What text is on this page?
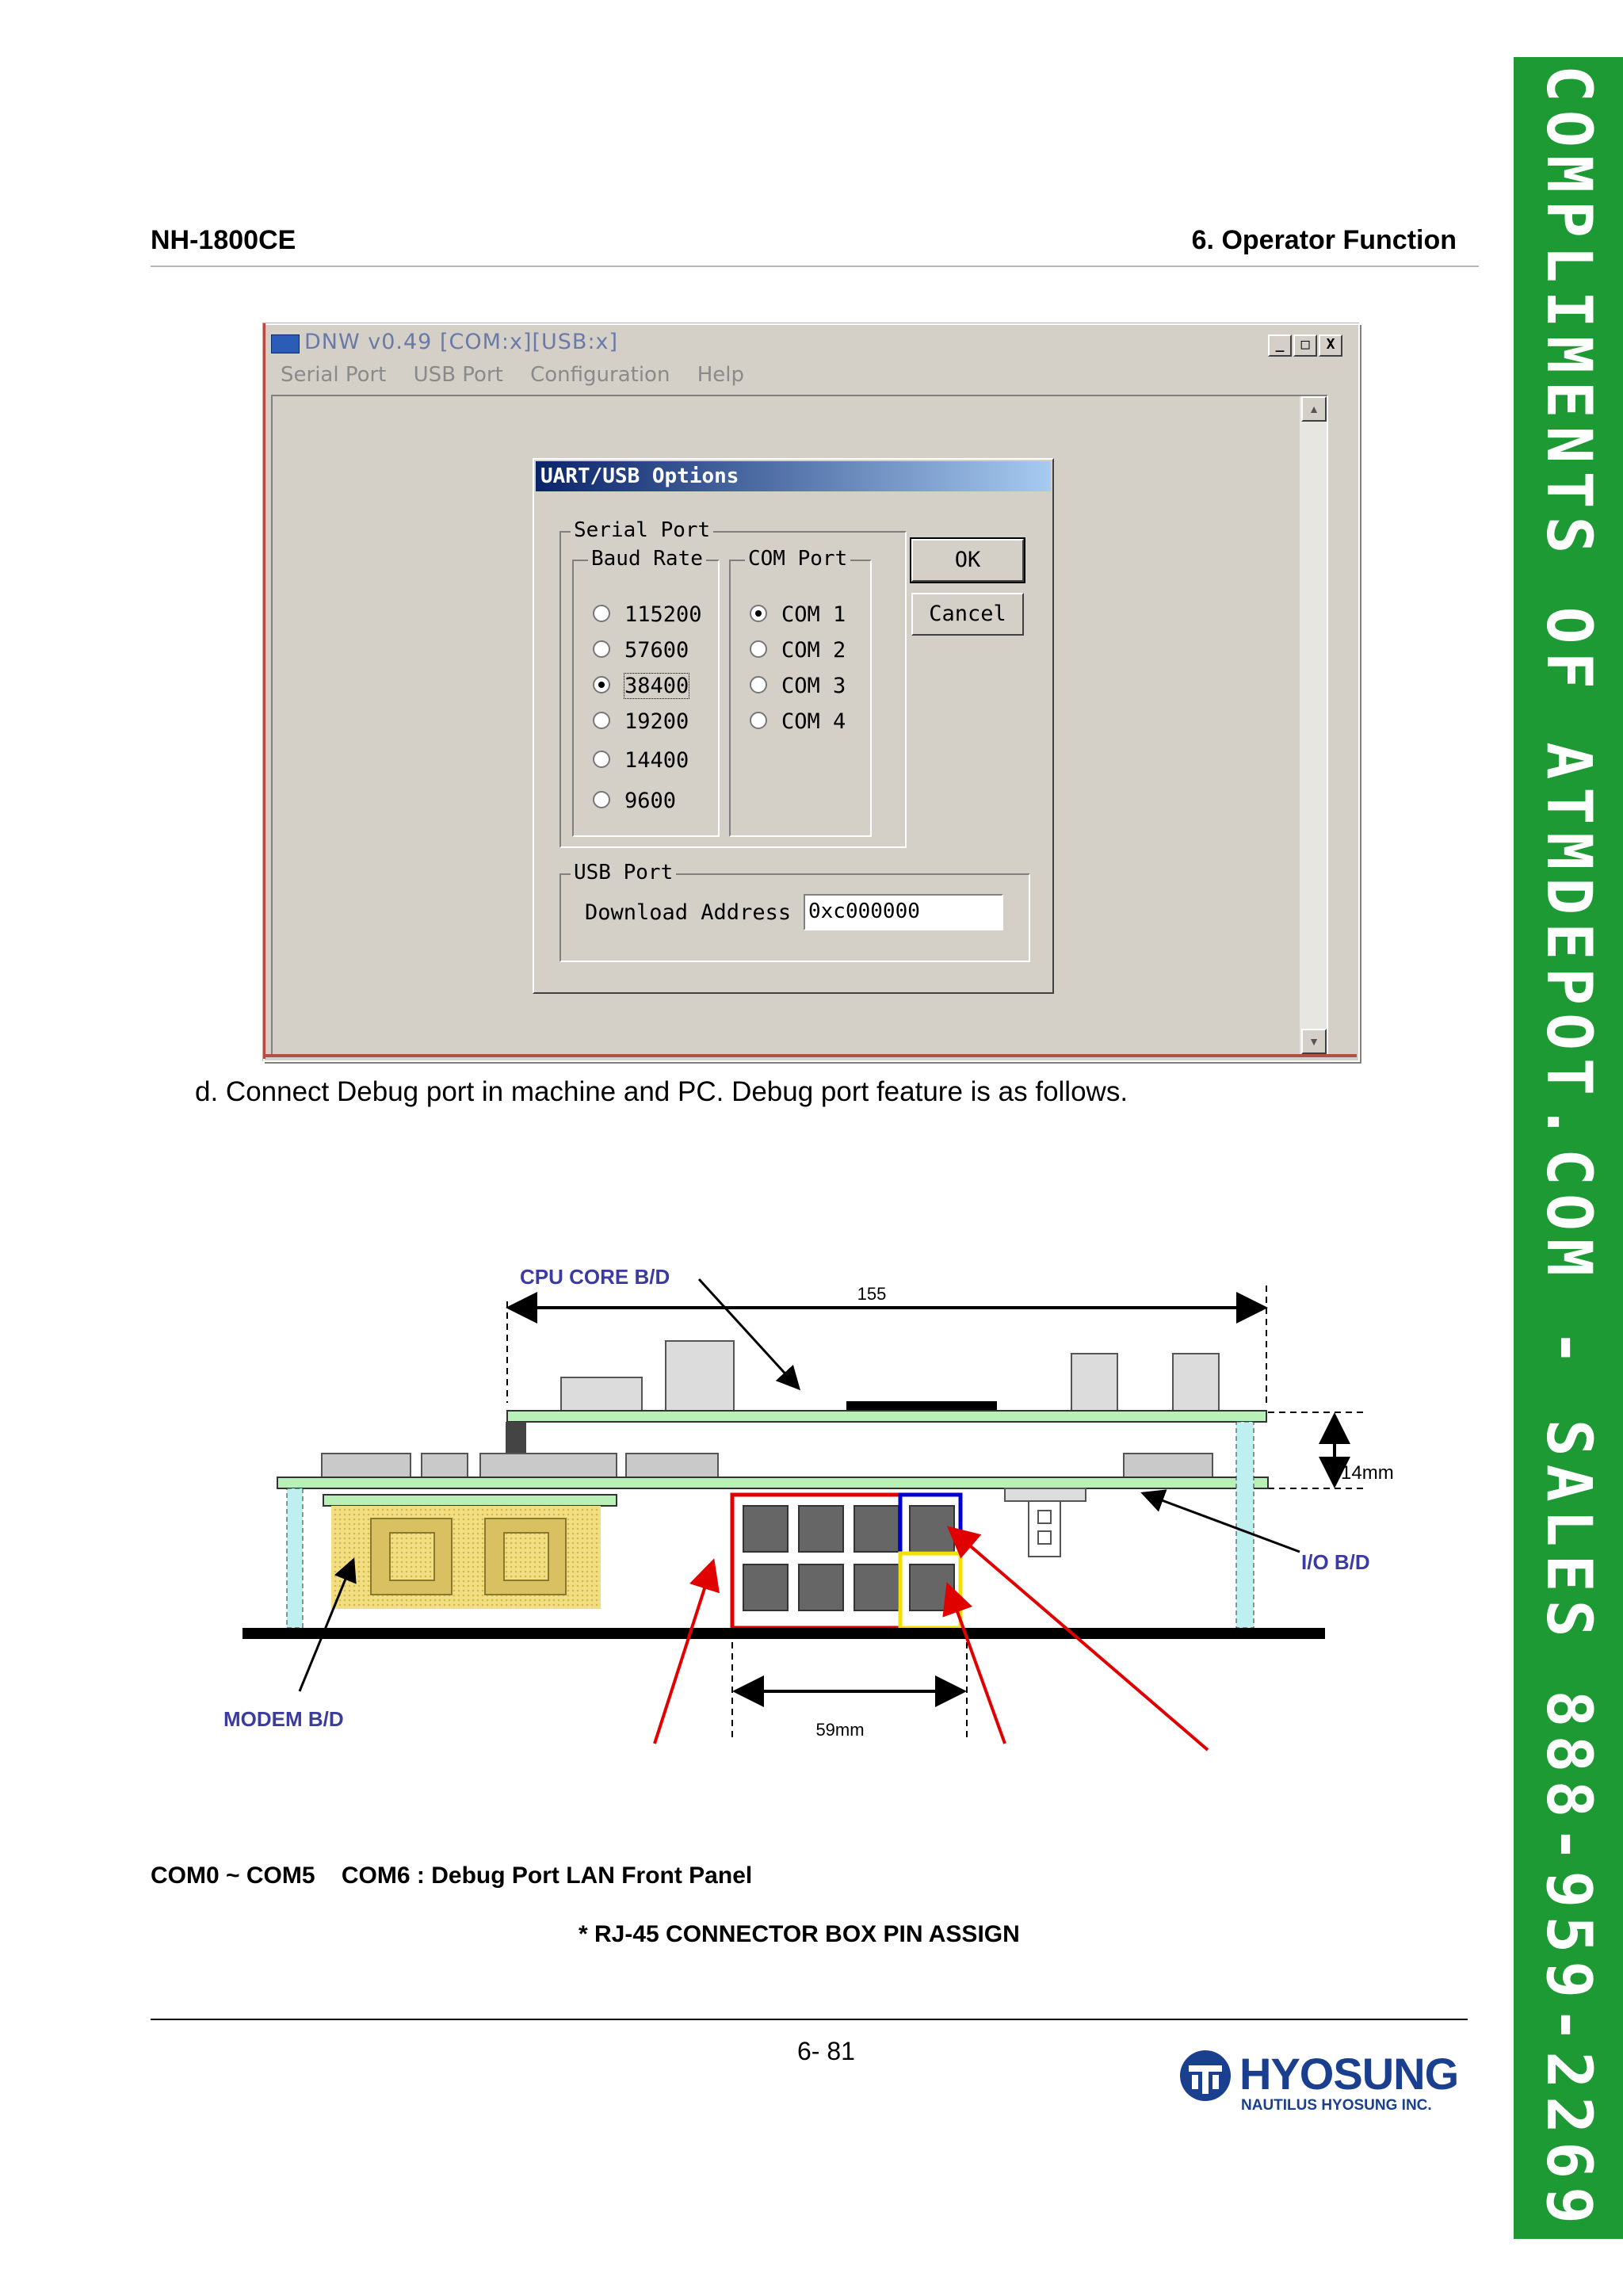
NH-1800CE	6. Operator Function COMPLIMENTS OF ATMDEPOT.COM - SALES 888-959-2269
DNW v0.49 [COM:x][USB:x]	_	□	X
Serial Port USB Port Configuration Help
▲
▼
UART/USB Options
Serial Port
Baud Rate
115200
57600
38400
19200
14400
9600
COM Port
COM 1
COM 2
COM 3
COM 4
OK
Cancel
USB Port
Download Address 0xc000000
d. Connect Debug port in machine and PC. Debug port feature is as follows.
155
CPU CORE B/D
14mm
I/O B/D
MODEM B/D	59mm
COM0 ~ COM5    COM6 : Debug Port LAN Front Panel
* RJ-45 CONNECTOR BOX PIN ASSIGN
6- 81	HYOSUNG
NAUTILUS HYOSUNG INC.
